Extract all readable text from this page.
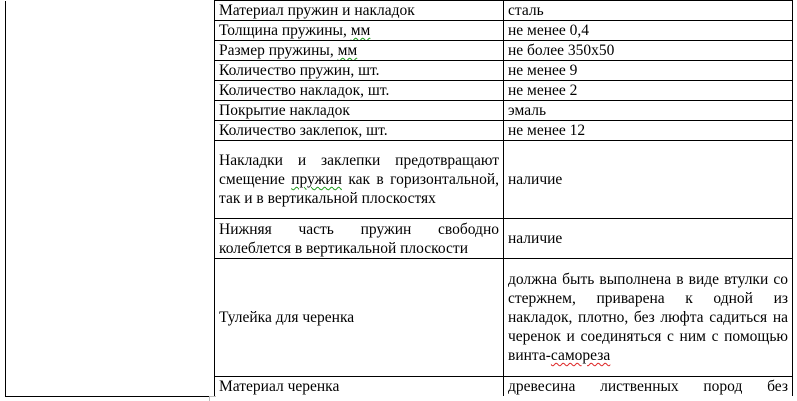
	Материал пружин и накладок	сталь
	Толщина пружины, мм	не менее 0,4
	Размер пружины, мм	не более 350х50
	Количество пружин, шт.	не менее 9
	Количество накладок, шт.	не менее 2
	Покрытие накладок	эмаль
	Количество заклепок, шт.	не менее 12
	Накладки и заклепки предотвращают смещение пружин как в горизонтальной, так и в вертикальной плоскостях	наличие
	Нижняя часть пружин свободно колеблется в вертикальной плоскости	наличие
	Тулейка для черенка	должна быть выполнена в виде втулки со стержнем, приварена к одной из накладок, плотно, без люфта садиться на черенок и соединяться с ним с помощью винта-самореза
	Материал черенка	древесина лиственных пород без
